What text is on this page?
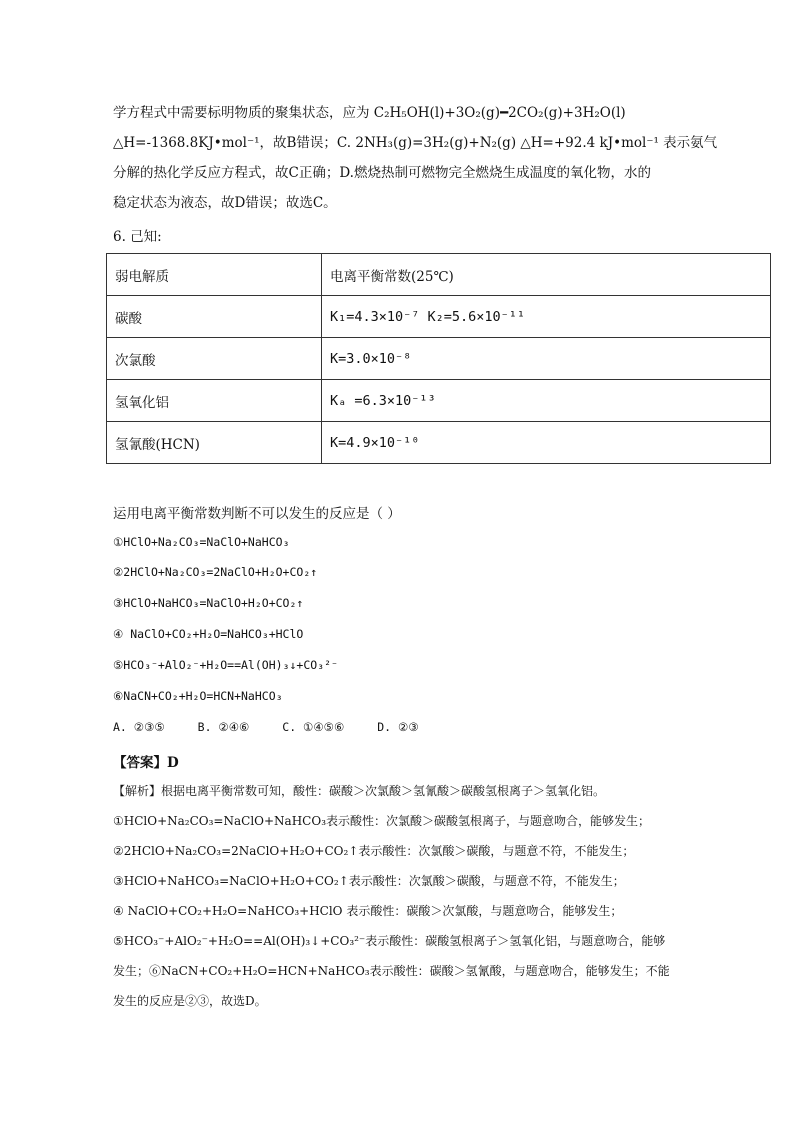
学方程式中需要标明物质的聚集状态，应为 C₂H₅OH(l)+3O₂(g)━2CO₂(g)+3H₂O(l)
△H=-1368.8KJ•mol⁻¹，故B错误；C. 2NH₃(g)=3H₂(g)+N₂(g) △H=+92.4 kJ•mol⁻¹ 表示氨气
分解的热化学反应方程式，故C正确；D.燃烧热制可燃物完全燃烧生成温度的氧化物，水的
稳定状态为液态，故D错误；故选C。
6. 己知:
弱电解质	电离平衡常数(25℃)
碳酸	K₁=4.3×10⁻⁷ K₂=5.6×10⁻¹¹
次氯酸	K=3.0×10⁻⁸
氢氧化铝	Kₐ =6.3×10⁻¹³
氢氰酸(HCN)	K=4.9×10⁻¹⁰
运用电离平衡常数判断不可以发生的反应是（ ）
①HClO+Na₂CO₃=NaClO+NaHCO₃
②2HClO+Na₂CO₃=2NaClO+H₂O+CO₂↑
③HClO+NaHCO₃=NaClO+H₂O+CO₂↑
④ NaClO+CO₂+H₂O=NaHCO₃+HClO
⑤HCO₃⁻+AlO₂⁻+H₂O==Al(OH)₃↓+CO₃²⁻
⑥NaCN+CO₂+H₂O=HCN+NaHCO₃
A. ②③⑤	B. ②④⑥	C. ①④⑤⑥	D. ②③
【答案】D
【解析】根据电离平衡常数可知，酸性：碳酸＞次氯酸＞氢氰酸＞碳酸氢根离子＞氢氧化铝。
①HClO+Na₂CO₃=NaClO+NaHCO₃表示酸性：次氯酸＞碳酸氢根离子，与题意吻合，能够发生；
②2HClO+Na₂CO₃=2NaClO+H₂O+CO₂↑表示酸性：次氯酸＞碳酸，与题意不符，不能发生；
③HClO+NaHCO₃=NaClO+H₂O+CO₂↑表示酸性：次氯酸＞碳酸，与题意不符，不能发生；
④ NaClO+CO₂+H₂O=NaHCO₃+HClO 表示酸性：碳酸＞次氯酸，与题意吻合，能够发生；
⑤HCO₃⁻+AlO₂⁻+H₂O==Al(OH)₃↓+CO₃²⁻表示酸性：碳酸氢根离子＞氢氧化铝，与题意吻合，能够
发生；⑥NaCN+CO₂+H₂O=HCN+NaHCO₃表示酸性：碳酸＞氢氰酸，与题意吻合，能够发生；不能
发生的反应是②③，故选D。
